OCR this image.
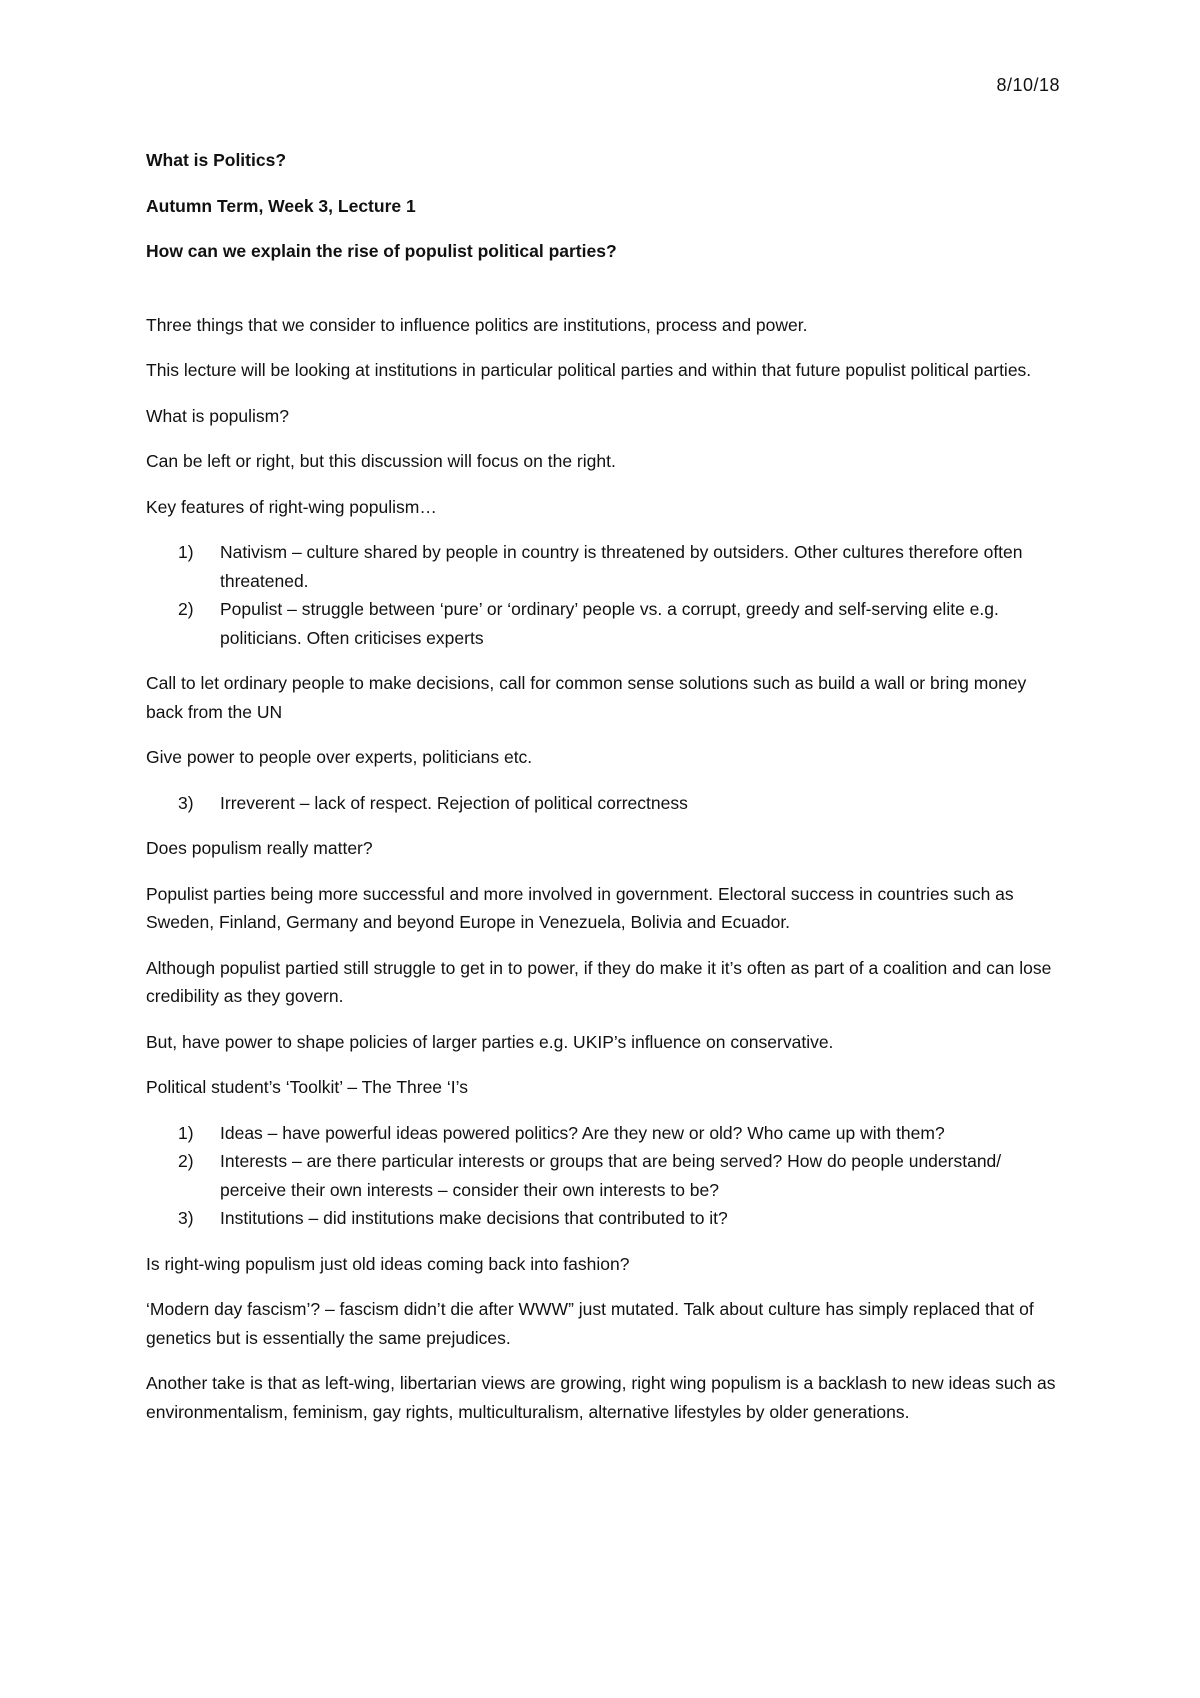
8/10/18

What is Politics?

Autumn Term, Week 3, Lecture 1

How can we explain the rise of populist political parties?

Three things that we consider to influence politics are institutions, process and power.

This lecture will be looking at institutions in particular political parties and within that future populist political parties.

What is populism?

Can be left or right, but this discussion will focus on the right.

Key features of right-wing populism…

1) Nativism – culture shared by people in country is threatened by outsiders. Other cultures therefore often threatened.
2) Populist – struggle between ‘pure’ or ‘ordinary’ people vs. a corrupt, greedy and self-serving elite e.g. politicians. Often criticises experts

Call to let ordinary people to make decisions, call for common sense solutions such as build a wall or bring money back from the UN

Give power to people over experts, politicians etc.

3) Irreverent – lack of respect. Rejection of political correctness

Does populism really matter?

Populist parties being more successful and more involved in government. Electoral success in countries such as Sweden, Finland, Germany and beyond Europe in Venezuela, Bolivia and Ecuador.

Although populist partied still struggle to get in to power, if they do make it it’s often as part of a coalition and can lose credibility as they govern.

But, have power to shape policies of larger parties e.g. UKIP’s influence on conservative.

Political student’s ‘Toolkit’ – The Three ‘I’s

1) Ideas – have powerful ideas powered politics? Are they new or old? Who came up with them?
2) Interests – are there particular interests or groups that are being served? How do people understand/ perceive their own interests – consider their own interests to be?
3) Institutions – did institutions make decisions that contributed to it?

Is right-wing populism just old ideas coming back into fashion?

‘Modern day fascism’? – fascism didn’t die after WWW” just mutated. Talk about culture has simply replaced that of genetics but is essentially the same prejudices.

Another take is that as left-wing, libertarian views are growing, right wing populism is a backlash to new ideas such as environmentalism, feminism, gay rights, multiculturalism, alternative lifestyles by older generations.
